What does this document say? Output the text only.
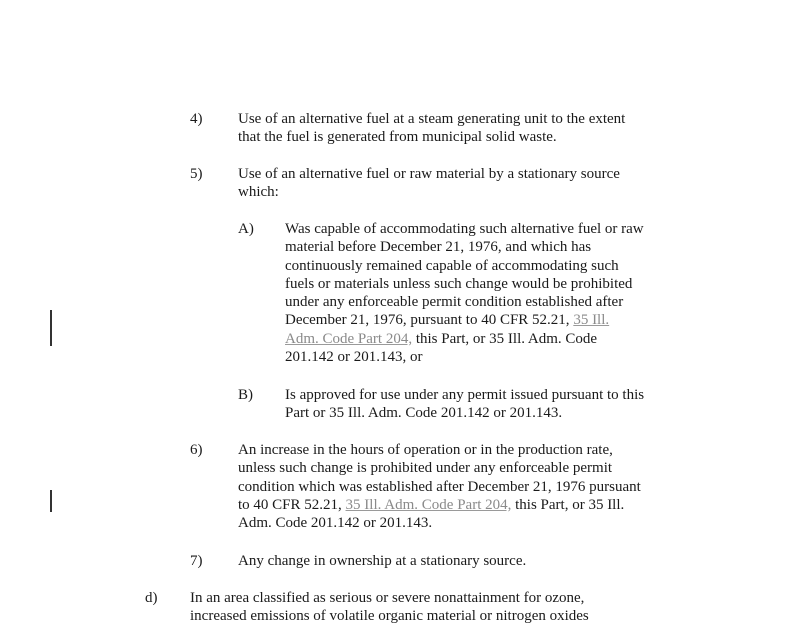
4) Use of an alternative fuel at a steam generating unit to the extent
that the fuel is generated from municipal solid waste.
5) Use of an alternative fuel or raw material by a stationary source
which:
A) Was capable of accommodating such alternative fuel or raw
material before December 21, 1976, and which has
continuously remained capable of accommodating such
fuels or materials unless such change would be prohibited
under any enforceable permit condition established after
December 21, 1976, pursuant to 40 CFR 52.21, 35 Ill.
Adm. Code Part 204, this Part, or 35 Ill. Adm. Code
201.142 or 201.143, or
B) Is approved for use under any permit issued pursuant to this
Part or 35 Ill. Adm. Code 201.142 or 201.143.
6) An increase in the hours of operation or in the production rate,
unless such change is prohibited under any enforceable permit
condition which was established after December 21, 1976 pursuant
to 40 CFR 52.21, 35 Ill. Adm. Code Part 204, this Part, or 35 Ill.
Adm. Code 201.142 or 201.143.
7) Any change in ownership at a stationary source.
d) In an area classified as serious or severe nonattainment for ozone,
increased emissions of volatile organic material or nitrogen oxides
